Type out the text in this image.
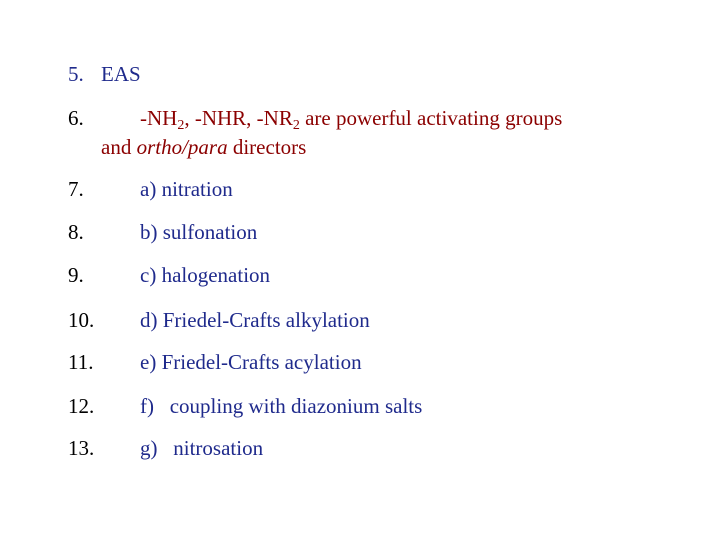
5. EAS
6.	$-NH_2$, -NHR, $-NR_2$ are powerful activating groups
and ortho/para directors
7.	a) nitration
8.	b) sulfonation
9.	c) halogenation
10. d) Friedel-Crafts alkylation
11. e) Friedel-Crafts acylation
12. f)   coupling with diazonium salts
13. g)   nitrosation
